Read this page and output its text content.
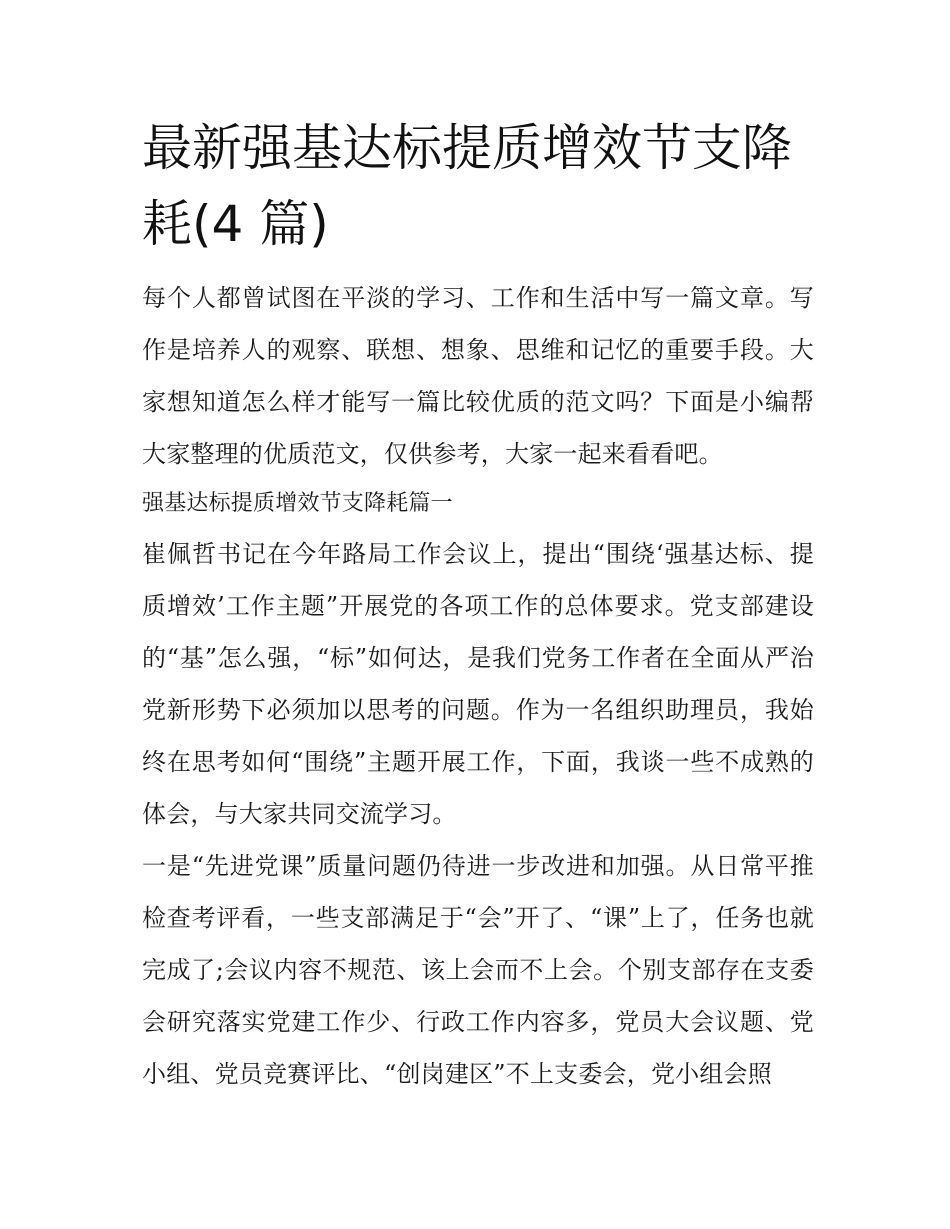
最新强基达标提质增效节支降耗(4 篇)

每个人都曾试图在平淡的学习、工作和生活中写一篇文章。写作是培养人的观察、联想、想象、思维和记忆的重要手段。大家想知道怎么样才能写一篇比较优质的范文吗？下面是小编帮大家整理的优质范文，仅供参考，大家一起来看看吧。

强基达标提质增效节支降耗篇一

崔佩哲书记在今年路局工作会议上，提出“围绕‘强基达标、提质增效’工作主题”开展党的各项工作的总体要求。党支部建设的“基”怎么强，“标”如何达，是我们党务工作者在全面从严治党新形势下必须加以思考的问题。作为一名组织助理员，我始终在思考如何“围绕”主题开展工作，下面，我谈一些不成熟的体会，与大家共同交流学习。

一是“先进党课”质量问题仍待进一步改进和加强。从日常平推检查考评看，一些支部满足于“会”开了、“课”上了，任务也就完成了;会议内容不规范、该上会而不上会。个别支部存在支委会研究落实党建工作少、行政工作内容多，党员大会议题、党小组、党员竞赛评比、“创岗建区”不上支委会，党小组会照
